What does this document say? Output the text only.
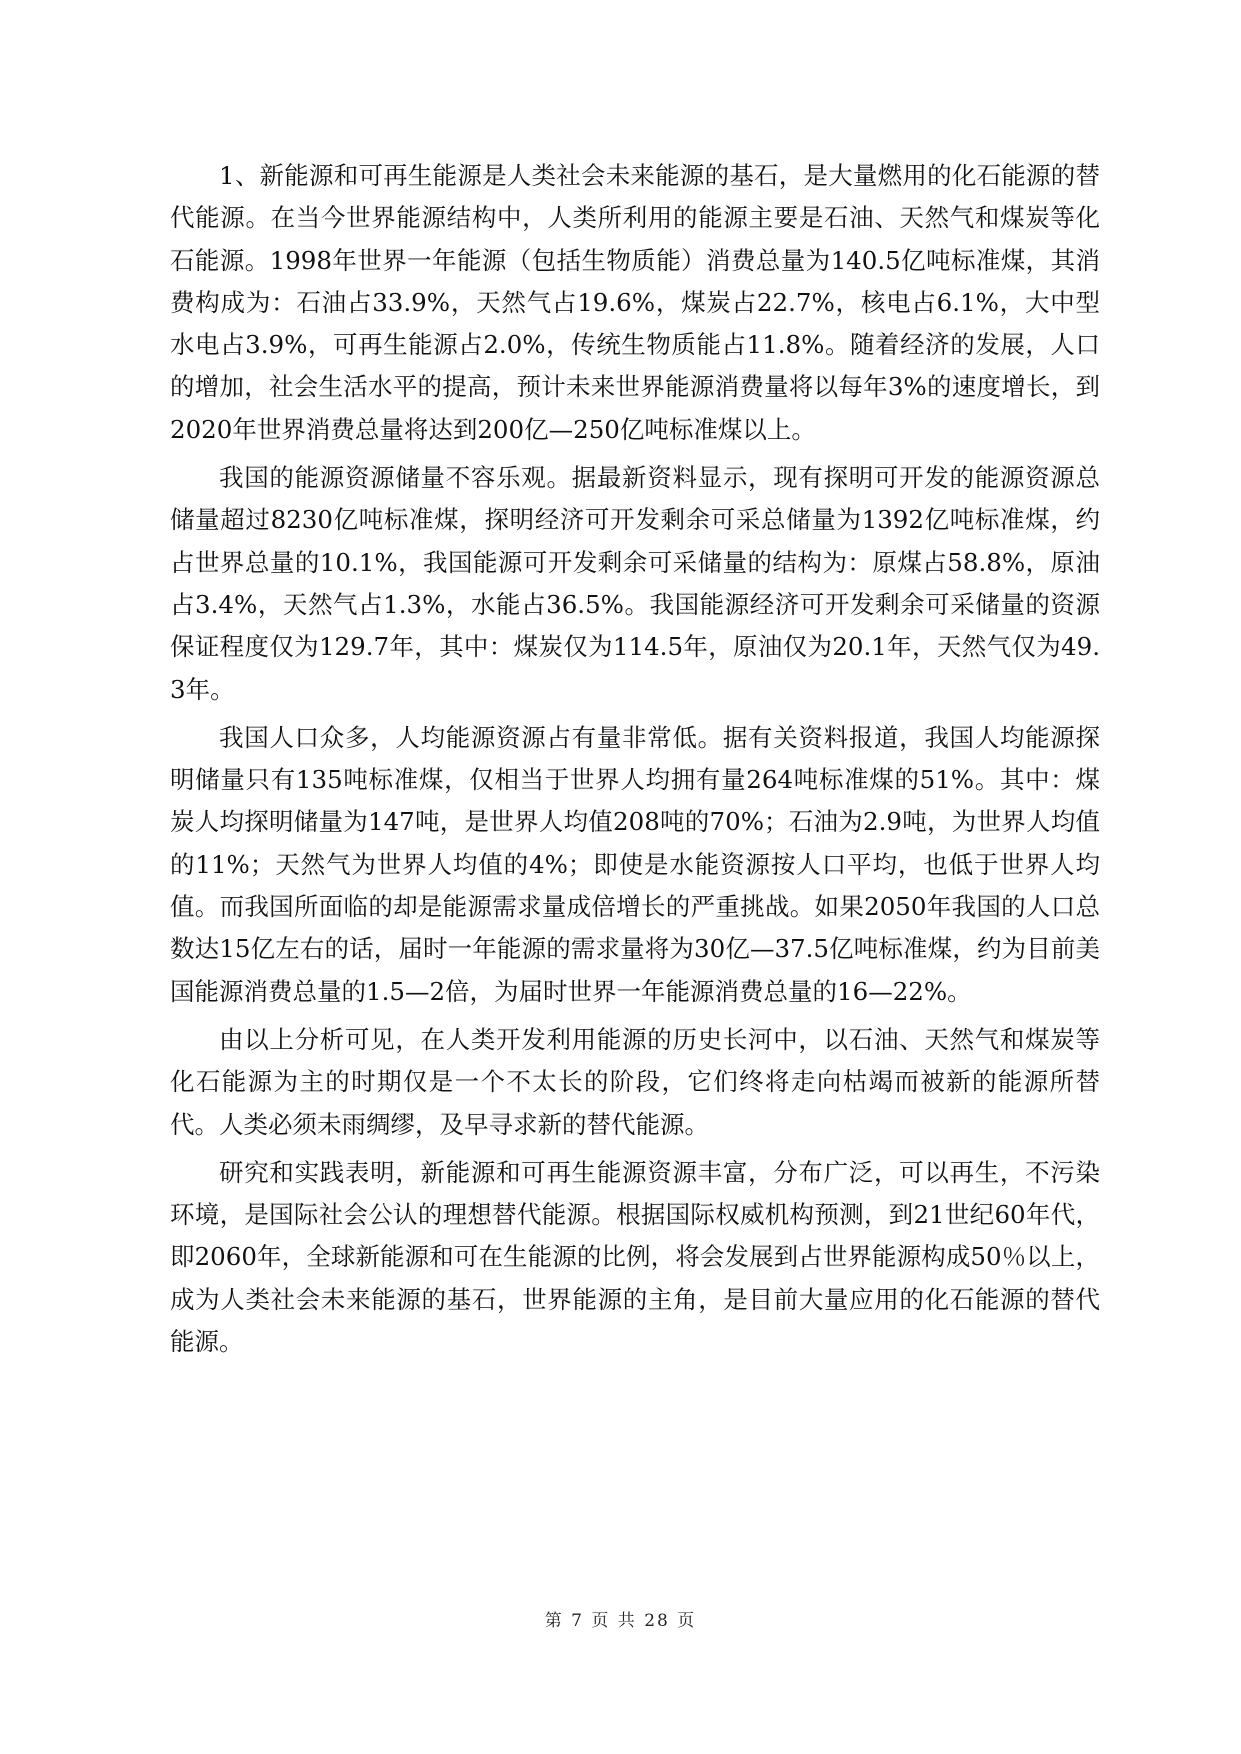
1、新能源和可再生能源是人类社会未来能源的基石，是大量燃用的化石能源的替代能源。在当今世界能源结构中，人类所利用的能源主要是石油、天然气和煤炭等化石能源。1998年世界一年能源（包括生物质能）消费总量为140.5亿吨标准煤，其消费构成为：石油占33.9%，天然气占19.6%，煤炭占22.7%，核电占6.1%，大中型水电占3.9%，可再生能源占2.0%，传统生物质能占11.8%。随着经济的发展，人口的增加，社会生活水平的提高，预计未来世界能源消费量将以每年3%的速度增长，到2020年世界消费总量将达到200亿—250亿吨标准煤以上。

我国的能源资源储量不容乐观。据最新资料显示，现有探明可开发的能源资源总储量超过8230亿吨标准煤，探明经济可开发剩余可采总储量为1392亿吨标准煤，约占世界总量的10.1%，我国能源可开发剩余可采储量的结构为：原煤占58.8%，原油占3.4%，天然气占1.3%，水能占36.5%。我国能源经济可开发剩余可采储量的资源保证程度仅为129.7年，其中：煤炭仅为114.5年，原油仅为20.1年，天然气仅为49.3年。

我国人口众多，人均能源资源占有量非常低。据有关资料报道，我国人均能源探明储量只有135吨标准煤，仅相当于世界人均拥有量264吨标准煤的51%。其中：煤炭人均探明储量为147吨，是世界人均值208吨的70%；石油为2.9吨，为世界人均值的11%；天然气为世界人均值的4%；即使是水能资源按人口平均，也低于世界人均值。而我国所面临的却是能源需求量成倍增长的严重挑战。如果2050年我国的人口总数达15亿左右的话，届时一年能源的需求量将为30亿—37.5亿吨标准煤，约为目前美国能源消费总量的1.5—2倍，为届时世界一年能源消费总量的16—22%。

由以上分析可见，在人类开发利用能源的历史长河中，以石油、天然气和煤炭等化石能源为主的时期仅是一个不太长的阶段，它们终将走向枯竭而被新的能源所替代。人类必须未雨绸缪，及早寻求新的替代能源。

研究和实践表明，新能源和可再生能源资源丰富，分布广泛，可以再生，不污染环境，是国际社会公认的理想替代能源。根据国际权威机构预测，到21世纪60年代，即2060年，全球新能源和可在生能源的比例，将会发展到占世界能源构成50％以上，成为人类社会未来能源的基石，世界能源的主角，是目前大量应用的化石能源的替代能源。

第 7 页 共 28 页
